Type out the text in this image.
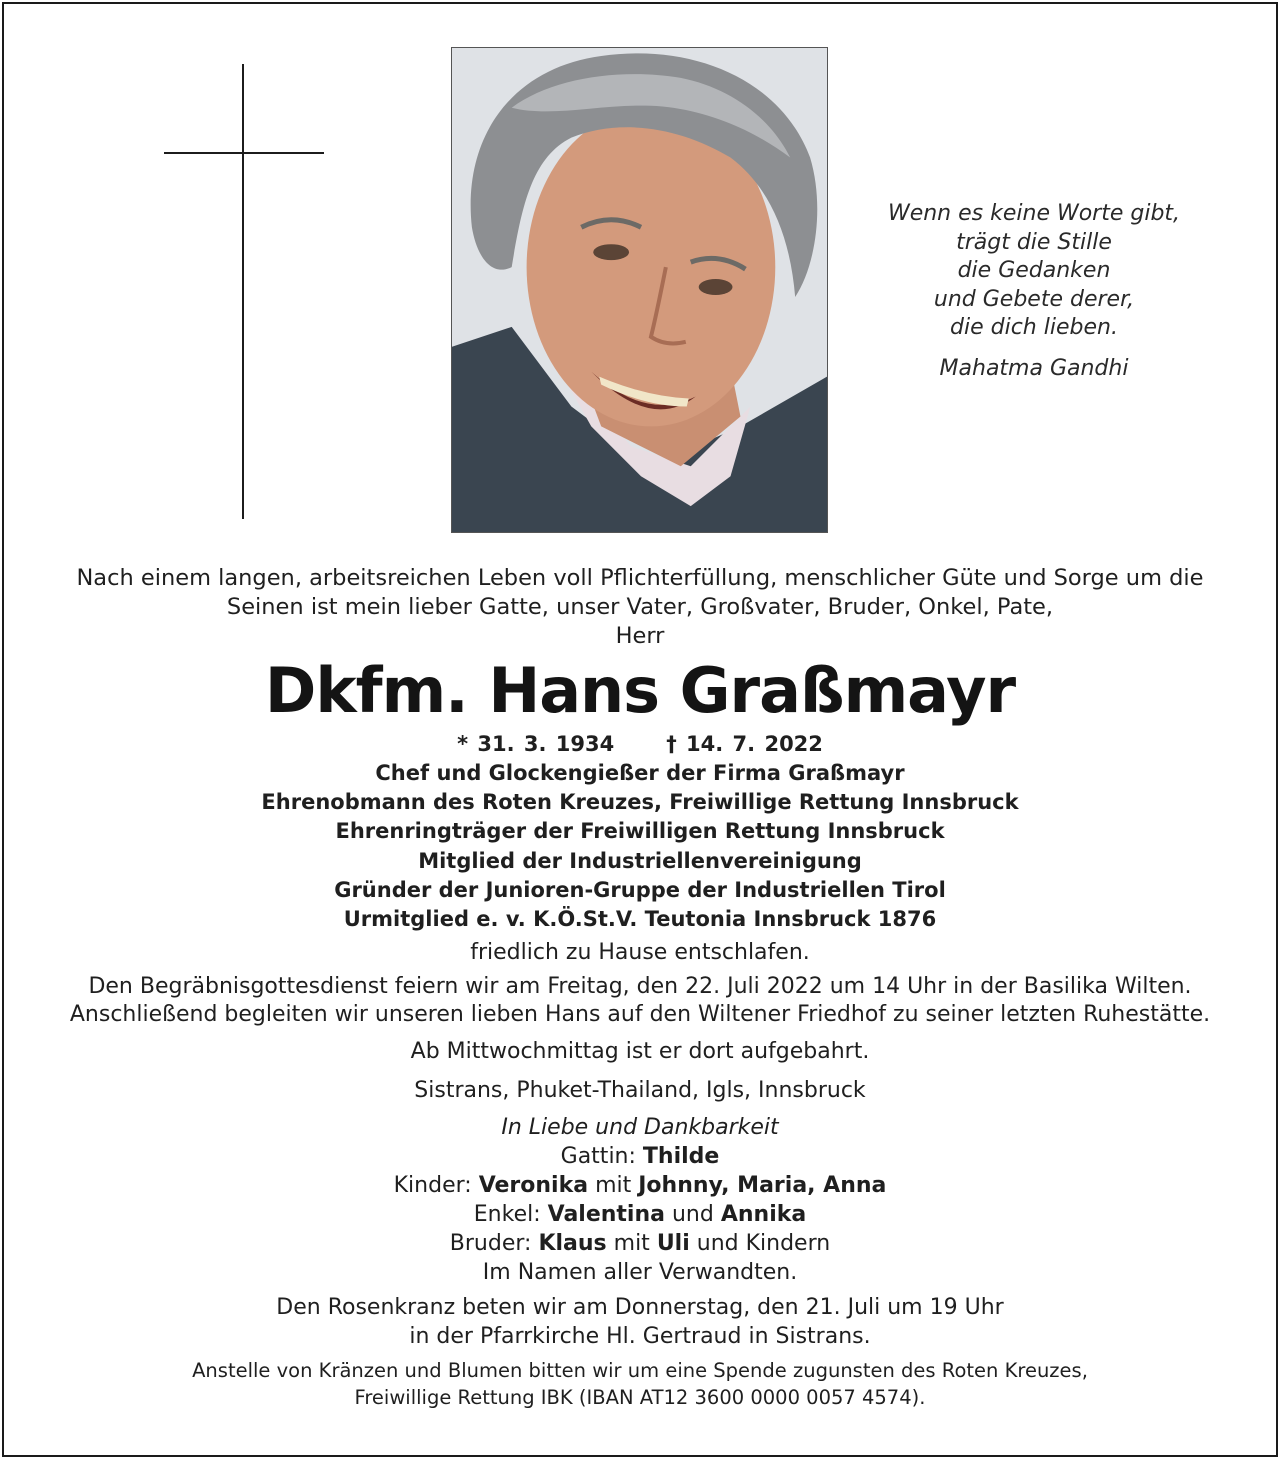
Wenn es keine Worte gibt,
trägt die Stille
die Gedanken
und Gebete derer,
die dich lieben.
Mahatma Gandhi
Nach einem langen, arbeitsreichen Leben voll Pflichterfüllung, menschlicher Güte und Sorge um die
Seinen ist mein lieber Gatte, unser Vater, Großvater, Bruder, Onkel, Pate,
Herr
Dkfm. Hans Graßmayr
* 31. 3. 1934 † 14. 7. 2022
Chef und Glockengießer der Firma Graßmayr
Ehrenobmann des Roten Kreuzes, Freiwillige Rettung Innsbruck
Ehrenringträger der Freiwilligen Rettung Innsbruck
Mitglied der Industriellenvereinigung
Gründer der Junioren-Gruppe der Industriellen Tirol
Urmitglied e. v. K.Ö.St.V. Teutonia Innsbruck 1876
friedlich zu Hause entschlafen.
Den Begräbnisgottesdienst feiern wir am Freitag, den 22. Juli 2022 um 14 Uhr in der Basilika Wilten.
Anschließend begleiten wir unseren lieben Hans auf den Wiltener Friedhof zu seiner letzten Ruhestätte.
Ab Mittwochmittag ist er dort aufgebahrt.
Sistrans, Phuket-Thailand, Igls, Innsbruck
In Liebe und Dankbarkeit
Gattin: Thilde
Kinder: Veronika mit Johnny, Maria, Anna
Enkel: Valentina und Annika
Bruder: Klaus mit Uli und Kindern
Im Namen aller Verwandten.
Den Rosenkranz beten wir am Donnerstag, den 21. Juli um 19 Uhr
in der Pfarrkirche Hl. Gertraud in Sistrans.
Anstelle von Kränzen und Blumen bitten wir um eine Spende zugunsten des Roten Kreuzes,
Freiwillige Rettung IBK (IBAN AT12 3600 0000 0057 4574).
